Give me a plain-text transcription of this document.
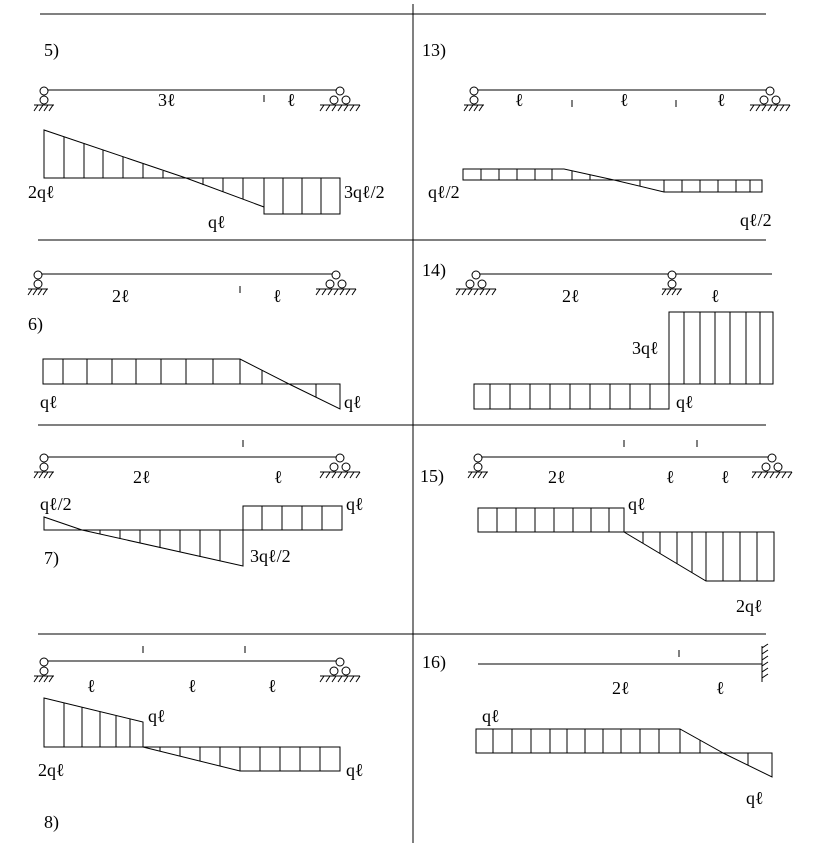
5)
3ℓ	ℓ
2qℓ
qℓ
3qℓ/2
13)
ℓ	ℓ	ℓ
qℓ/2
qℓ/2
6)
2ℓ	ℓ
qℓ	qℓ
14)
2ℓ	ℓ
3qℓ
qℓ
7)
2ℓ	ℓ
qℓ/2
3qℓ/2
qℓ
15)	2ℓ	ℓ	ℓ
qℓ
2qℓ
8)
ℓ	ℓ	ℓ
2qℓ
qℓ
qℓ
16)
2ℓ	ℓ
qℓ
qℓ
